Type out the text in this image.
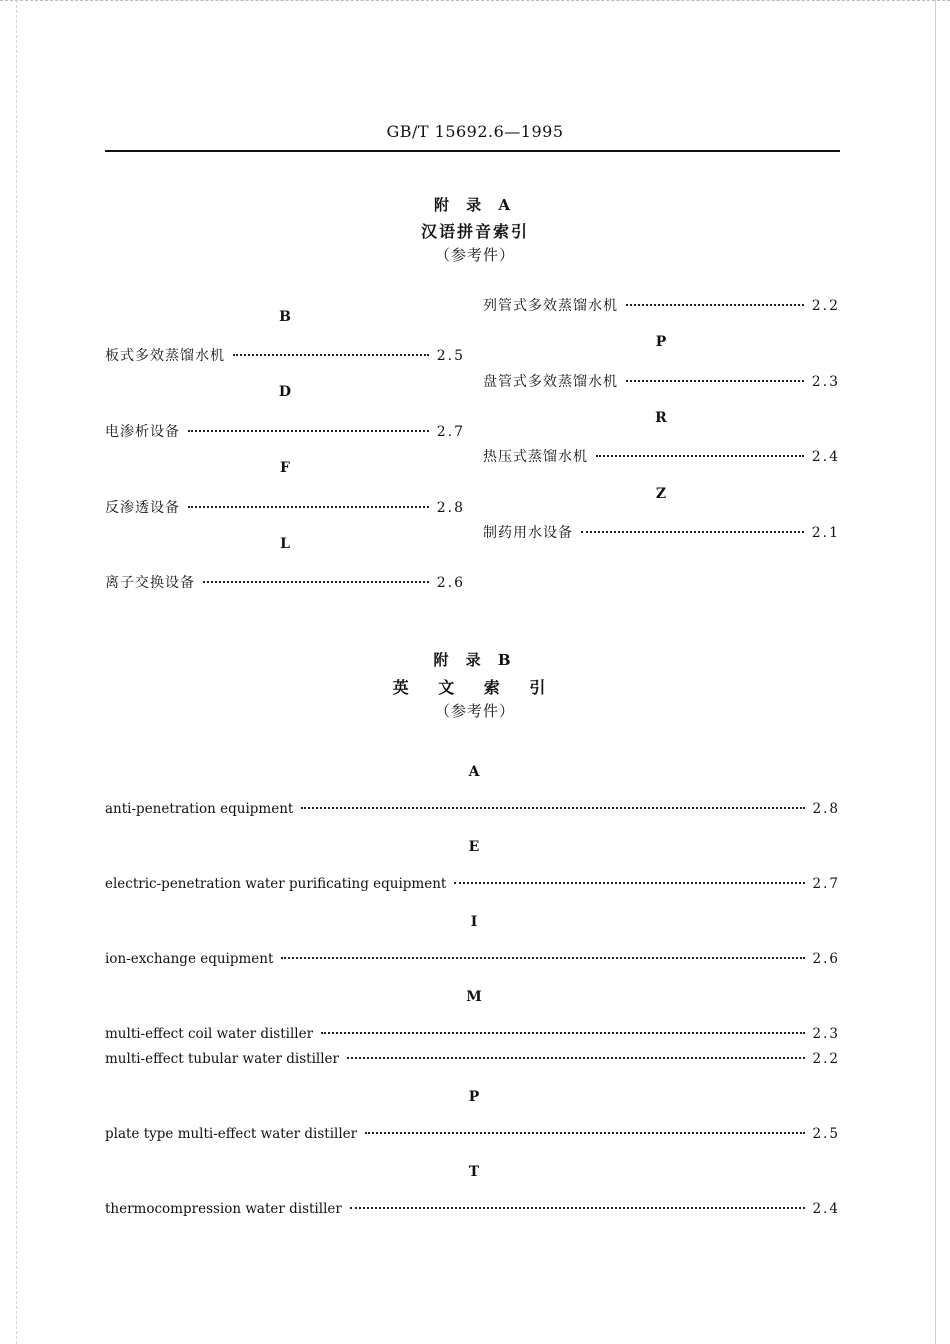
GB/T 15692.6—1995
附 录 A
汉语拼音索引
（参考件）
B
板式多效蒸馏水机	2.5
D
电渗析设备	2.7
F
反渗透设备	2.8
L
离子交换设备	2.6
列管式多效蒸馏水机	2.2
P
盘管式多效蒸馏水机	2.3
R
热压式蒸馏水机	2.4
Z
制药用水设备	2.1
附 录 B
英 文 索 引
（参考件）
A
anti-penetration equipment	2.8
E
electric-penetration water purificating equipment	2.7
I
ion-exchange equipment	2.6
M
multi-effect coil water distiller	2.3
multi-effect tubular water distiller	2.2
P
plate type multi-effect water distiller	2.5
T
thermocompression water distiller	2.4
